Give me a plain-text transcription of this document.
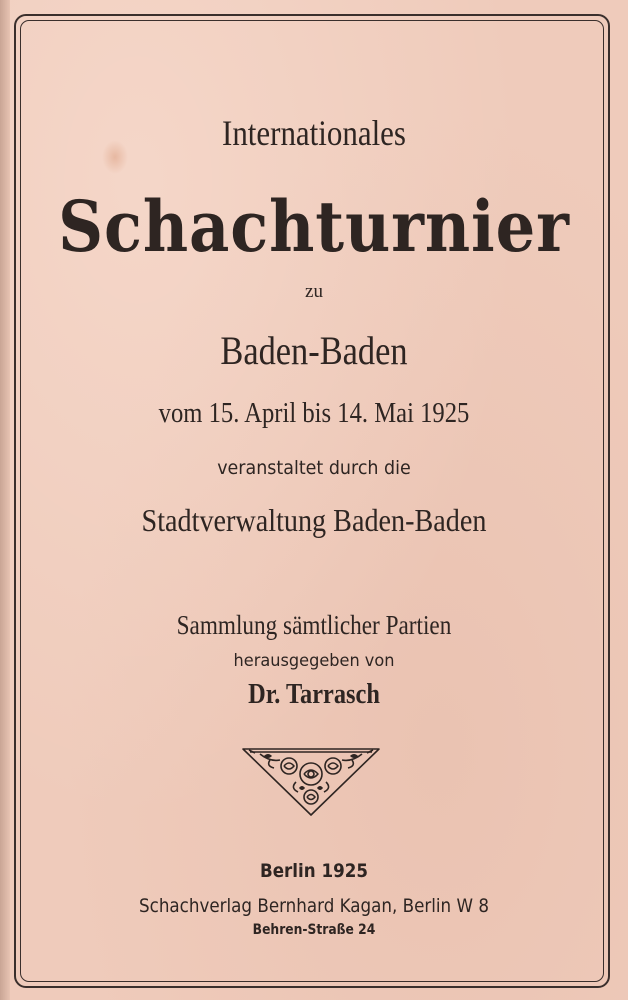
Internationales
Schachturnier
zu
Baden-Baden
vom 15. April bis 14. Mai 1925
veranstaltet durch die
Stadtverwaltung Baden-Baden
Sammlung sämtlicher Partien
herausgegeben von
Dr. Tarrasch
Berlin 1925
Schachverlag Bernhard Kagan, Berlin W 8
Behren-Straße 24
